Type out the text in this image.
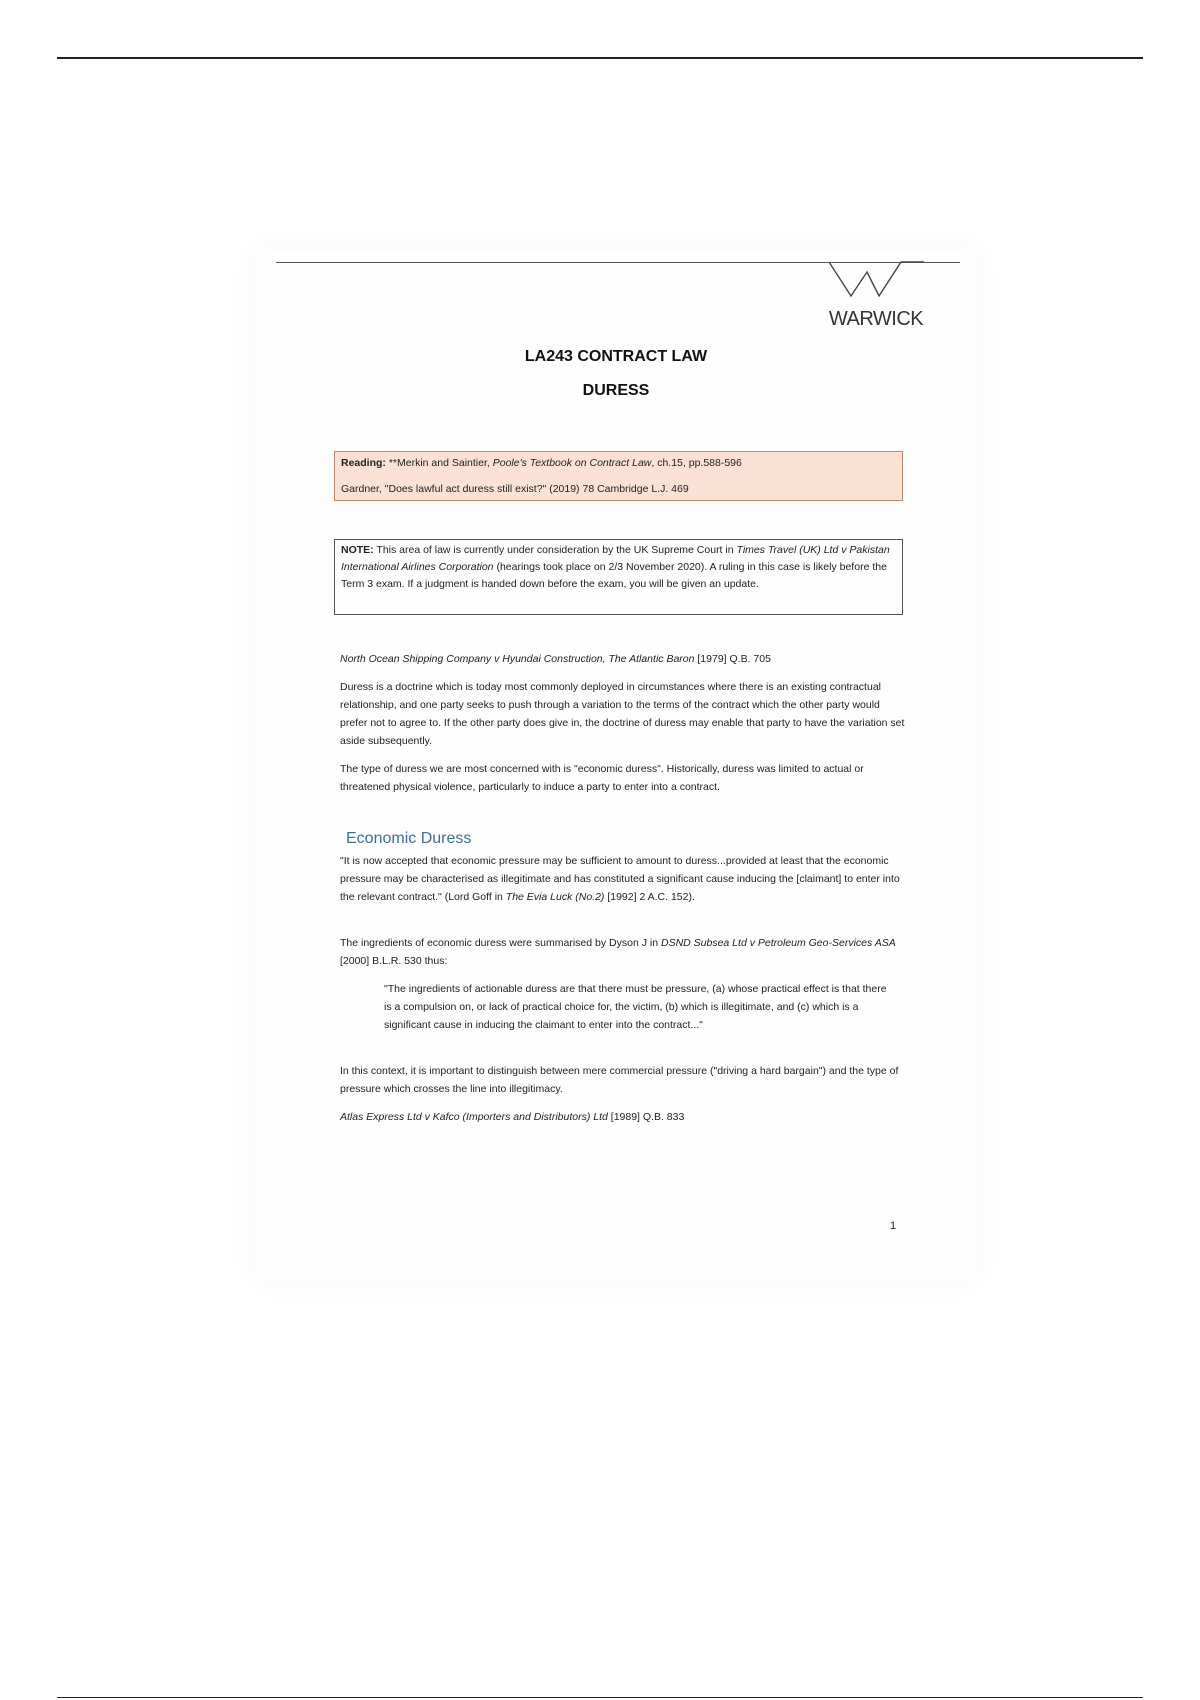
WARWICK
LA243 CONTRACT LAW
DURESS
Reading: **Merkin and Saintier, Poole's Textbook on Contract Law, ch.15, pp.588-596
Gardner, "Does lawful act duress still exist?" (2019) 78 Cambridge L.J. 469
NOTE: This area of law is currently under consideration by the UK Supreme Court in Times Travel (UK) Ltd v Pakistan International Airlines Corporation (hearings took place on 2/3 November 2020). A ruling in this case is likely before the Term 3 exam. If a judgment is handed down before the exam, you will be given an update.
North Ocean Shipping Company v Hyundai Construction, The Atlantic Baron [1979] Q.B. 705
Duress is a doctrine which is today most commonly deployed in circumstances where there is an existing contractual relationship, and one party seeks to push through a variation to the terms of the contract which the other party would prefer not to agree to. If the other party does give in, the doctrine of duress may enable that party to have the variation set aside subsequently.
The type of duress we are most concerned with is "economic duress". Historically, duress was limited to actual or threatened physical violence, particularly to induce a party to enter into a contract.
Economic Duress
"It is now accepted that economic pressure may be sufficient to amount to duress...provided at least that the economic pressure may be characterised as illegitimate and has constituted a significant cause inducing the [claimant] to enter into the relevant contract." (Lord Goff in The Evia Luck (No.2) [1992] 2 A.C. 152).
The ingredients of economic duress were summarised by Dyson J in DSND Subsea Ltd v Petroleum Geo-Services ASA [2000] B.L.R. 530 thus:
"The ingredients of actionable duress are that there must be pressure, (a) whose practical effect is that there is a compulsion on, or lack of practical choice for, the victim, (b) which is illegitimate, and (c) which is a significant cause in inducing the claimant to enter into the contract..."
In this context, it is important to distinguish between mere commercial pressure ("driving a hard bargain") and the type of pressure which crosses the line into illegitimacy.
Atlas Express Ltd v Kafco (Importers and Distributors) Ltd [1989] Q.B. 833
1
